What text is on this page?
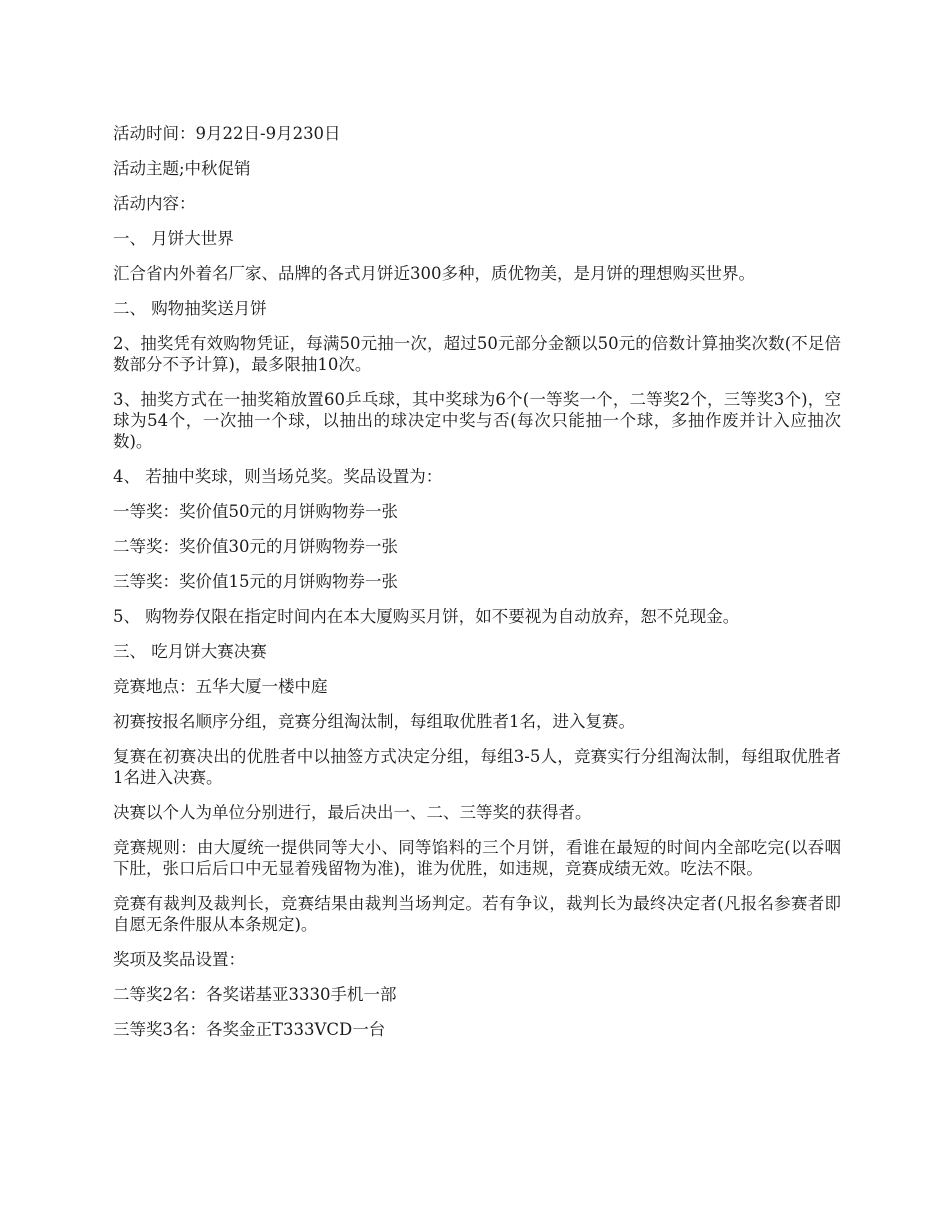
活动时间：9月22日-9月230日

活动主题;中秋促销

活动内容：

一、 月饼大世界

汇合省内外着名厂家、品牌的各式月饼近300多种，质优物美，是月饼的理想购买世界。

二、 购物抽奖送月饼

2、抽奖凭有效购物凭证，每满50元抽一次，超过50元部分金额以50元的倍数计算抽奖次数(不足倍数部分不予计算)，最多限抽10次。

3、抽奖方式在一抽奖箱放置60乒乓球，其中奖球为6个(一等奖一个，二等奖2个，三等奖3个)，空球为54个，一次抽一个球，以抽出的球决定中奖与否(每次只能抽一个球，多抽作废并计入应抽次数)。

4、 若抽中奖球，则当场兑奖。奖品设置为：

一等奖：奖价值50元的月饼购物券一张

二等奖：奖价值30元的月饼购物券一张

三等奖：奖价值15元的月饼购物券一张

5、 购物券仅限在指定时间内在本大厦购买月饼，如不要视为自动放弃，恕不兑现金。

三、 吃月饼大赛决赛

竞赛地点：五华大厦一楼中庭

初赛按报名顺序分组，竞赛分组淘汰制，每组取优胜者1名，进入复赛。

复赛在初赛决出的优胜者中以抽签方式决定分组，每组3-5人，竞赛实行分组淘汰制，每组取优胜者1名进入决赛。

决赛以个人为单位分别进行，最后决出一、二、三等奖的获得者。

竞赛规则：由大厦统一提供同等大小、同等馅料的三个月饼，看谁在最短的时间内全部吃完(以吞咽下肚，张口后后口中无显着残留物为准)，谁为优胜，如违规，竞赛成绩无效。吃法不限。

竞赛有裁判及裁判长，竞赛结果由裁判当场判定。若有争议，裁判长为最终决定者(凡报名参赛者即自愿无条件服从本条规定)。

奖项及奖品设置：

二等奖2名：各奖诺基亚3330手机一部

三等奖3名：各奖金正T333VCD一台
